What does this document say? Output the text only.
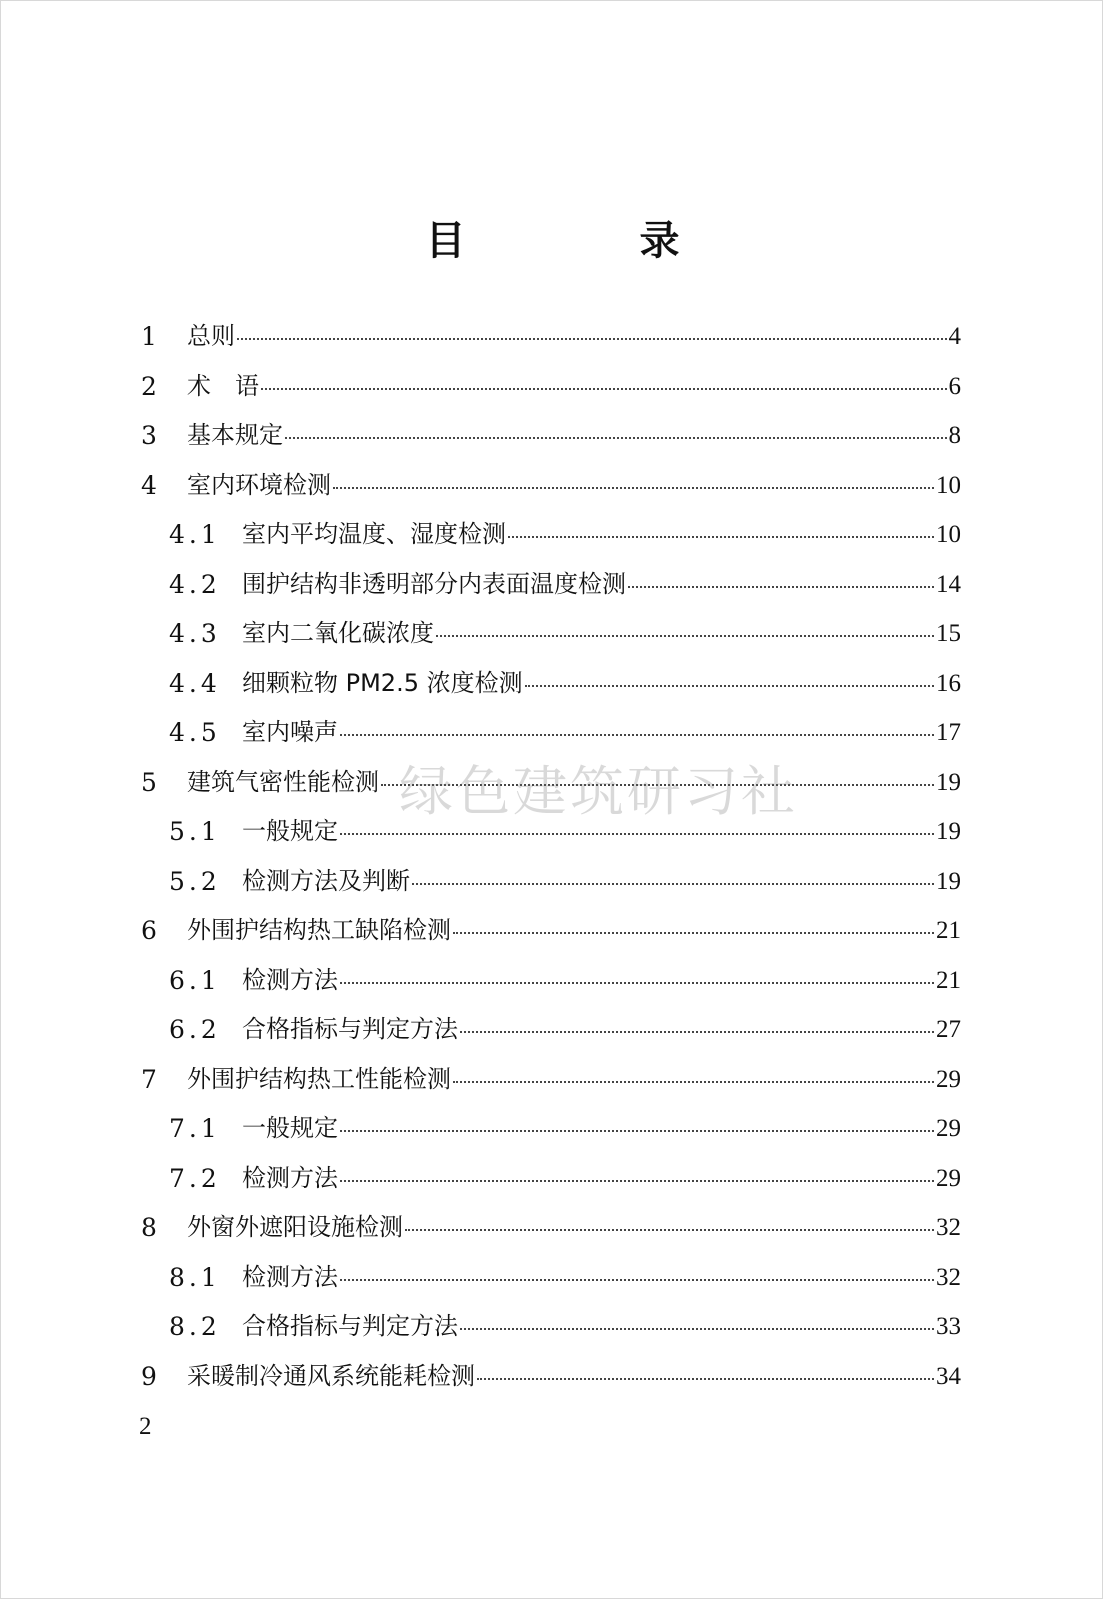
目 录
1 总则	4
2 术　语	6
3 基本规定	8
4 室内环境检测	10
4.1 室内平均温度、湿度检测	10
4.2 围护结构非透明部分内表面温度检测	14
4.3 室内二氧化碳浓度	15
4.4 细颗粒物 PM2.5 浓度检测	16
4.5 室内噪声	17
5 建筑气密性能检测	19
5.1 一般规定	19
5.2 检测方法及判断	19
6 外围护结构热工缺陷检测	21
6.1 检测方法	21
6.2 合格指标与判定方法	27
7 外围护结构热工性能检测	29
7.1 一般规定	29
7.2 检测方法	29
8 外窗外遮阳设施检测	32
8.1 检测方法	32
8.2 合格指标与判定方法	33
9 采暖制冷通风系统能耗检测	34
绿色建筑研习社
2
